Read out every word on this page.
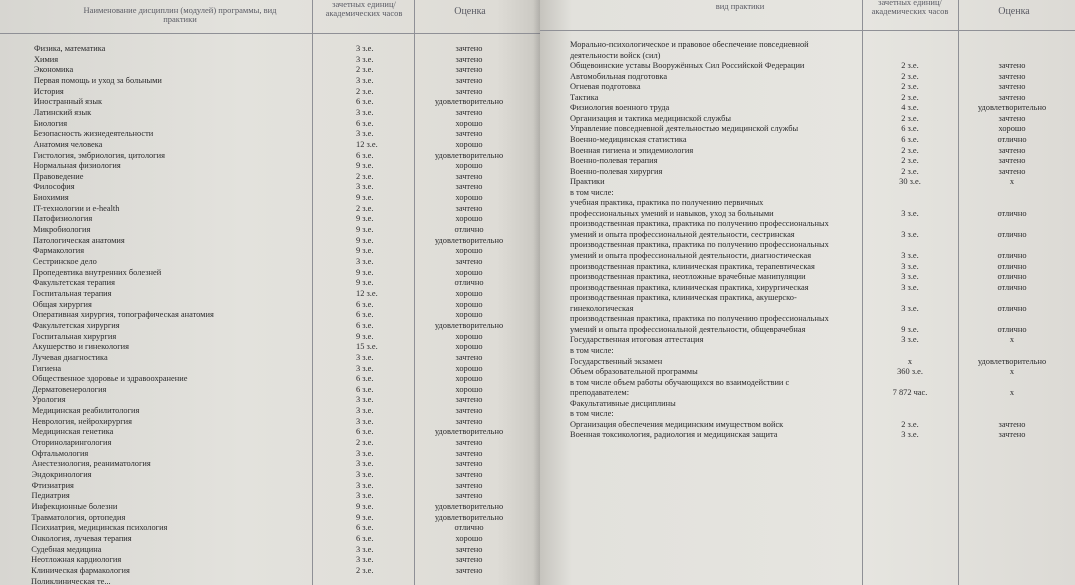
Наименование дисциплин (модулей) программы, вид практики
зачетных единиц/ академических часов	Оценка
Физика, математика	3 з.е.	зачтено
Химия	3 з.е.	зачтено
Экономика	2 з.е.	зачтено
Первая помощь и уход за больными	3 з.е.	зачтено
История	2 з.е.	зачтено
Иностранный язык	6 з.е.	удовлетворительно
Латинский язык	3 з.е.	зачтено
Биология	6 з.е.	хорошо
Безопасность жизнедеятельности	3 з.е.	зачтено
Анатомия человека	12 з.е.	хорошо
Гистология, эмбриология, цитология	6 з.е.	удовлетворительно
Нормальная физиология	9 з.е.	хорошо
Правоведение	2 з.е.	зачтено
Философия	3 з.е.	зачтено
Биохимия	9 з.е.	хорошо
IT-технологии и e-health	2 з.е.	зачтено
Патофизиология	9 з.е.	хорошо
Микробиология	9 з.е.	отлично
Патологическая анатомия	9 з.е.	удовлетворительно
Фармакология	9 з.е.	хорошо
Сестринское дело	3 з.е.	зачтено
Пропедевтика внутренних болезней	9 з.е.	хорошо
Факультетская терапия	9 з.е.	отлично
Госпитальная терапия	12 з.е.	хорошо
Общая хирургия	6 з.е.	хорошо
Оперативная хирургия, топографическая анатомия	6 з.е.	хорошо
Факультетская хирургия	6 з.е.	удовлетворительно
Госпитальная хирургия	9 з.е.	хорошо
Акушерство и гинекология	15 з.е.	хорошо
Лучевая диагностика	3 з.е.	зачтено
Гигиена	3 з.е.	хорошо
Общественное здоровье и здравоохранение	6 з.е.	хорошо
Дерматовенерология	6 з.е.	хорошо
Урология	3 з.е.	зачтено
Медицинская реабилитология	3 з.е.	зачтено
Неврология, нейрохирургия	3 з.е.	зачтено
Медицинская генетика	6 з.е.	удовлетворительно
Оториноларингология	2 з.е.	зачтено
Офтальмология	3 з.е.	зачтено
Анестезиология, реаниматология	3 з.е.	зачтено
Эндокринология	3 з.е.	зачтено
Фтизиатрия	3 з.е.	зачтено
Педиатрия	3 з.е.	зачтено
Инфекционные болезни	9 з.е.	удовлетворительно
Травматология, ортопедия	9 з.е.	удовлетворительно
Психиатрия, медицинская психология	6 з.е.	отлично
Онкология, лучевая терапия	6 з.е.	хорошо
Судебная медицина	3 з.е.	зачтено
Неотложная кардиология	3 з.е.	зачтено
Клиническая фармакология	2 з.е.	зачтено
Поликлиническая те...
вид практики	зачетных единиц/ академических часов	Оценка
Морально-психологическое и правовое обеспечение повседневной
деятельности войск (сил)
Общевоинские уставы Вооружённых Сил Российской Федерации	2 з.е.	зачтено
Автомобильная подготовка	2 з.е.	зачтено
Огневая подготовка	2 з.е.	зачтено
Тактика	2 з.е.	зачтено
Физиология военного труда	4 з.е.	удовлетворительно
Организация и тактика медицинской службы	2 з.е.	зачтено
Управление повседневной деятельностью медицинской службы	6 з.е.	хорошо
Военно-медицинская статистика	6 з.е.	отлично
Военная гигиена и эпидемиология	2 з.е.	зачтено
Военно-полевая терапия	2 з.е.	зачтено
Военно-полевая хирургия	2 з.е.	зачтено
Практики	30 з.е.	х
в том числе:
учебная практика, практика по получению первичных
профессиональных умений и навыков, уход за больными	3 з.е.	отлично
производственная практика, практика по получению профессиональных
умений и опыта профессиональной деятельности, сестринская	3 з.е.	отлично
производственная практика, практика по получению профессиональных
умений и опыта профессиональной деятельности, диагностическая	3 з.е.	отлично
производственная практика, клиническая практика, терапевтическая	3 з.е.	отлично
производственная практика, неотложные врачебные манипуляции	3 з.е.	отлично
производственная практика, клиническая практика, хирургическая	3 з.е.	отлично
производственная практика, клиническая практика, акушерско-
гинекологическая	3 з.е.	отлично
производственная практика, практика по получению профессиональных
умений и опыта профессиональной деятельности, общеврачебная	9 з.е.	отлично
Государственная итоговая аттестация	3 з.е.	х
в том числе:
Государственный экзамен	х	удовлетворительно
Объем образовательной программы	360 з.е.	х
в том числе объем работы обучающихся во взаимодействии с
преподавателем:	7 872 час.	х
Факультативные дисциплины
в том числе:
Организация обеспечения медицинским имуществом войск	2 з.е.	зачтено
Военная токсикология, радиология и медицинская защита	3 з.е.	зачтено
